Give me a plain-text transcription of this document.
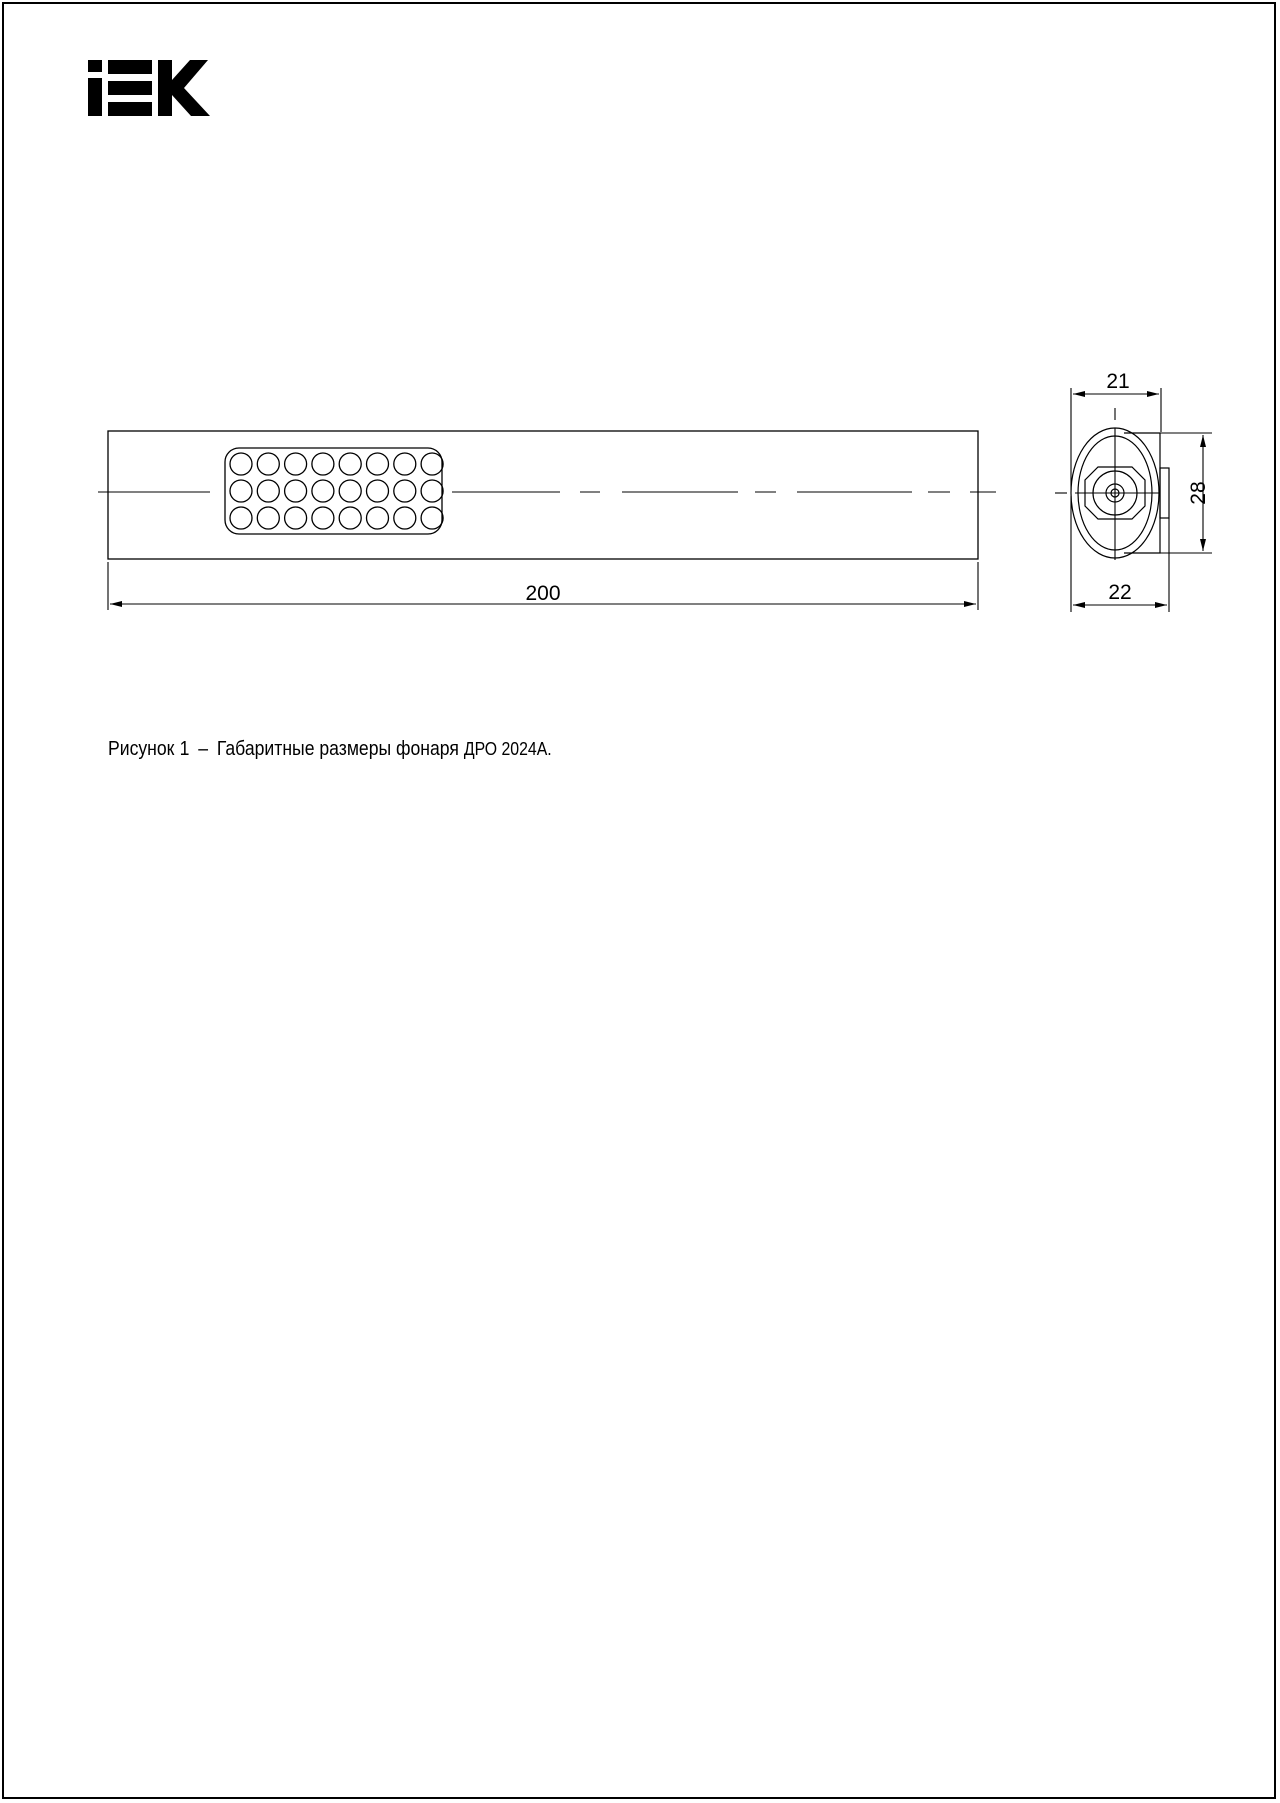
200
21
22
28
Рисунок 1 – Габаритные размеры фонаря ДРО 2024А.
